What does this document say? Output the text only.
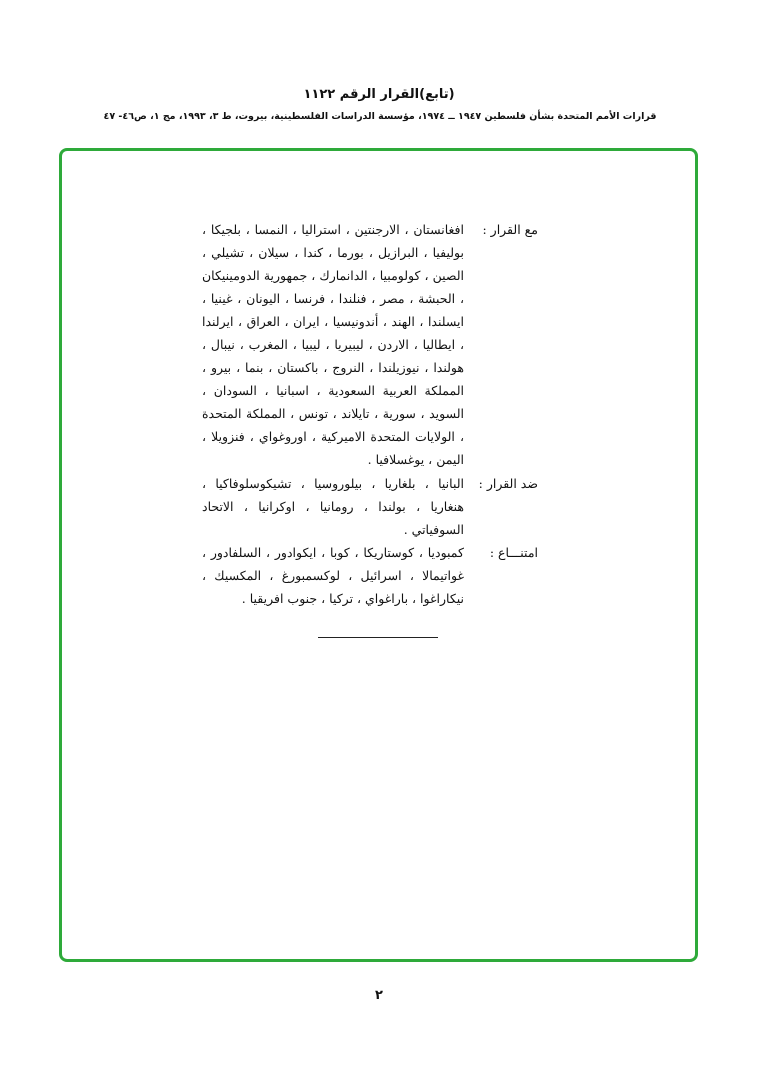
(تابع)القرار الرقم ١١٢٢
قرارات الأمم المتحدة بشأن فلسطين ١٩٤٧ ــ ١٩٧٤، مؤسسة الدراسات الفلسطينية، بيروت، ط ٣، ١٩٩٣، مج ١، ص٤٦- ٤٧
مع القرار :
افغانستان ، الارجنتين ، استراليا ، النمسا ، بلجيكا ، بوليفيا ، البرازيل ، بورما ، كندا ، سيلان ، تشيلي ، الصين ، كولومبيا ، الدانمارك ، جمهورية الدومينيكان ، الحبشة ، مصر ، فنلندا ، فرنسا ، اليونان ، غينيا ، ايسلندا ، الهند ، أندونيسيا ، ايران ، العراق ، ايرلندا ، ايطاليا ، الاردن ، ليبيريا ، ليبيا ، المغرب ، نيبال ، هولندا ، نيوزيلندا ، النروج ، باكستان ، بنما ، بيرو ، المملكة العربية السعودية ، اسبانيا ، السودان ، السويد ، سورية ، تايلاند ، تونس ، المملكة المتحدة ، الولايات المتحدة الاميركية ، اوروغواي ، فنزويلا ، اليمن ، يوغسلافيا .
ضد القرار :
البانيا ، بلغاريا ، بيلوروسيا ، تشيكوسلوفاكيا ، هنغاريا ، بولندا ، رومانيا ، اوكرانيا ، الاتحاد السوفياتي .
امتنـــاع :
كمبوديا ، كوستاريكا ، كوبا ، ايكوادور ، السلفادور ، غواتيمالا ، اسرائيل ، لوكسمبورغ ، المكسيك ، نيكاراغوا ، باراغواي ، تركيا ، جنوب افريقيا .
٢
